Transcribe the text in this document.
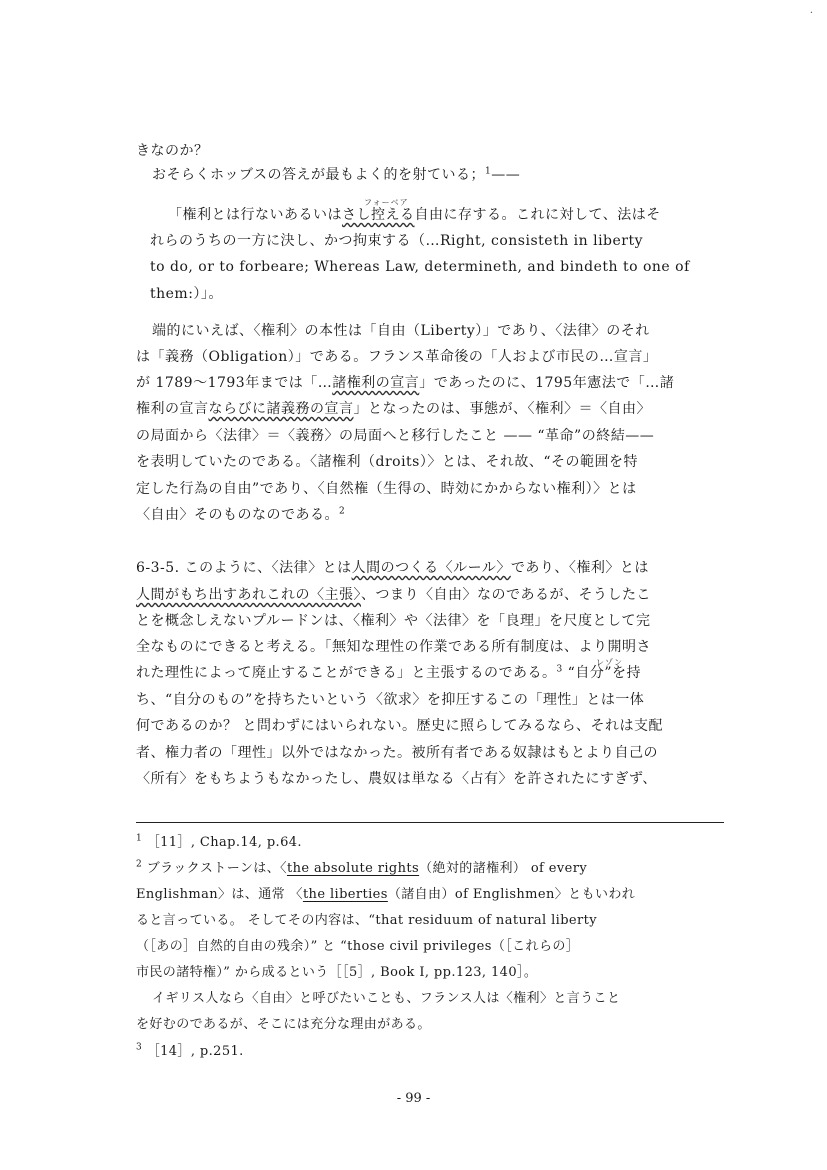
·
きなのか？
おそらくホッブスの答えが最もよく的を射ている；$^1$——
フォーベア
「権利とは行ないあるいはさし控える自由に存する。これに対して、法はそ
れらのうちの一方に決し、かつ拘束する（…Right, consisteth in liberty
to do, or to forbeare; Whereas Law, determineth, and bindeth to one of
them:）」。
端的にいえば、〈権利〉の本性は「自由（Liberty）」であり、〈法律〉のそれ
は「義務（Obligation）」である。フランス革命後の「人および市民の…宣言」
が 1789〜1793年までは「…諸権利の宣言」であったのに、1795年憲法で「…諸
権利の宣言ならびに諸義務の宣言」となったのは、事態が、〈権利〉＝〈自由〉
の局面から〈法律〉＝〈義務〉の局面へと移行したこと —— “革命”の終結——
を表明していたのである。〈諸権利（droits）〉とは、それ故、“その範囲を特
定した行為の自由”であり、〈自然権（生得の、時効にかからない権利）〉とは
〈自由〉そのものなのである。$^2$
6-3-5. このように、〈法律〉とは人間のつくる〈ルール〉であり、〈権利〉とは
人間がもち出すあれこれの〈主張〉、つまり〈自由〉なのであるが、そうしたこ
とを概念しえないプルードンは、〈権利〉や〈法律〉を「良理」を尺度として完
全なものにできると考える。「無知な理性の作業である所有制度は、より開明さ
レゾン
れた理性によって廃止することができる」と主張するのである。$^3$ “自分”を持
ち、“自分のもの”を持ちたいという〈欲求〉を抑圧するこの「理性」とは一体
何であるのか？ と問わずにはいられない。歴史に照らしてみるなら、それは支配
者、権力者の「理性」以外ではなかった。被所有者である奴隷はもとより自己の
〈所有〉をもちようもなかったし、農奴は単なる〈占有〉を許されたにすぎず、
$^1$ ［11］, Chap.14, p.64.
$^2$ ブラックストーンは、〈the absolute rights（絶対的諸権利） of every
Englishman〉は、通常 〈the liberties（諸自由）of Englishmen〉ともいわれ
ると言っている。 そしてその内容は、“that residuum of natural liberty
（［あの］自然的自由の残余）” と “those civil privileges（［これらの］
市民の諸特権）” から成るという［［5］, Book I, pp.123, 140］。
イギリス人なら〈自由〉と呼びたいことも、フランス人は〈権利〉と言うこと
を好むのであるが、そこには充分な理由がある。
$^3$ ［14］, p.251.
- 99 -
